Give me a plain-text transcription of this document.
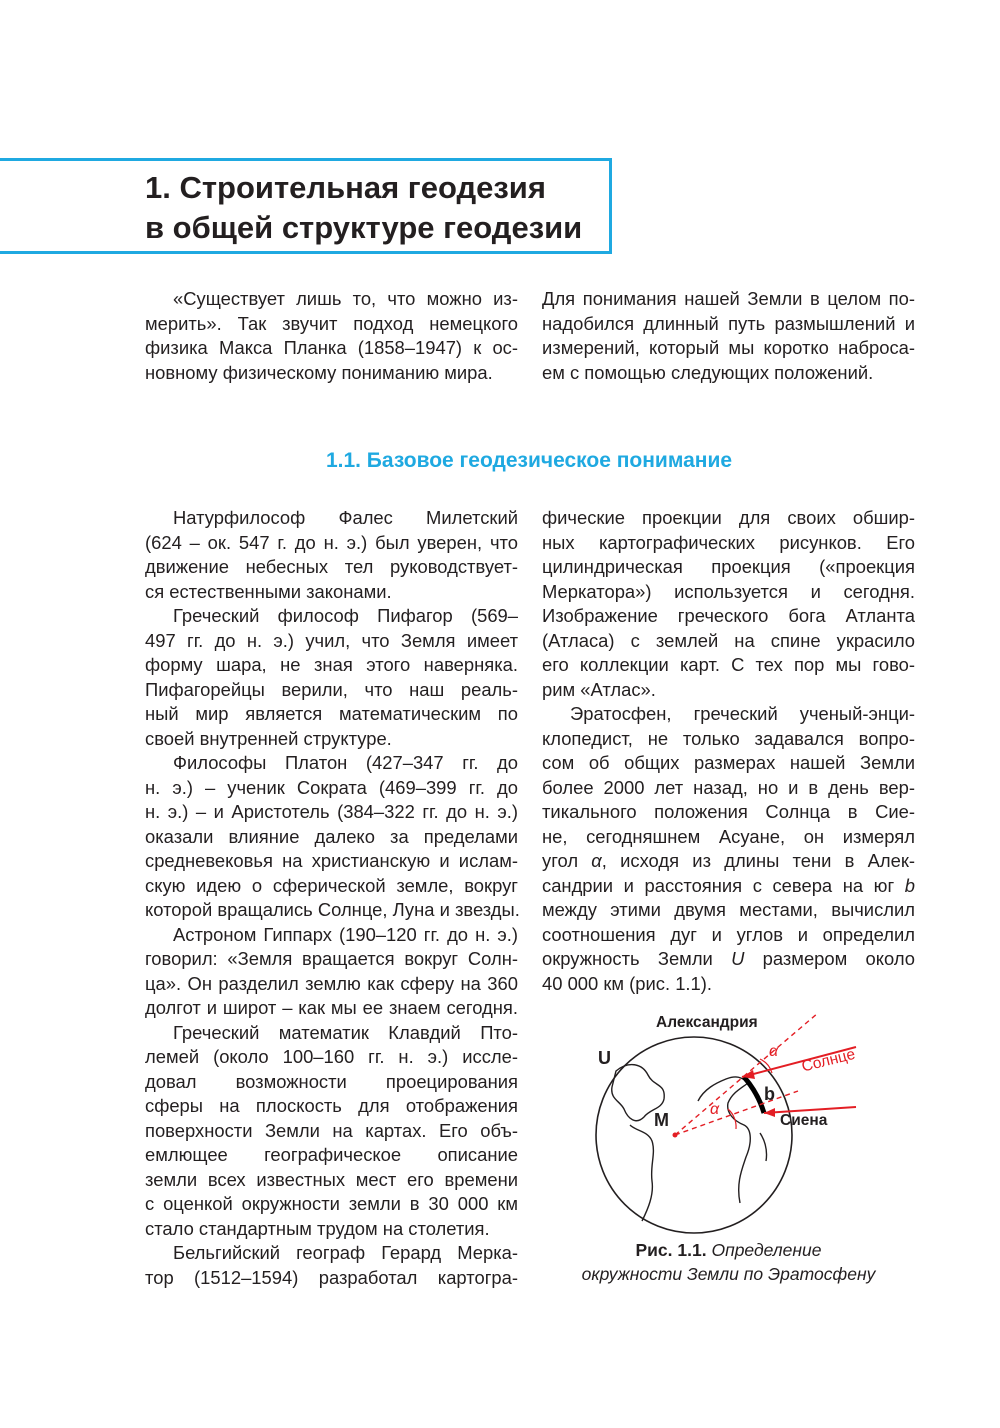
1. Строительная геодезия
в общей структуре геодезии

«Существует лишь то, что можно из-
мерить». Так звучит подход немецкого
физика Макса Планка (1858–1947) к ос-
новному физическому пониманию мира.

Для понимания нашей Земли в целом по-
надобился длинный путь размышлений и
измерений, который мы коротко наброса-
ем с помощью следующих положений.

1.1. Базовое геодезическое понимание

Натурфилософ Фалес Милетский
(624 – ок. 547 г. до н. э.) был уверен, что
движение небесных тел руководствует-
ся естественными законами.

Греческий философ Пифагор (569–
497 гг. до н. э.) учил, что Земля имеет
форму шара, не зная этого наверняка.
Пифагорейцы верили, что наш реаль-
ный мир является математическим по
своей внутренней структуре.

Философы Платон (427–347 гг. до
н. э.) – ученик Сократа (469–399 гг. до
н. э.) – и Аристотель (384–322 гг. до н. э.)
оказали влияние далеко за пределами
средневековья на христианскую и ислам-
скую идею о сферической земле, вокруг
которой вращались Солнце, Луна и звезды.

Астроном Гиппарх (190–120 гг. до н. э.)
говорил: «Земля вращается вокруг Солн-
ца». Он разделил землю как сферу на 360
долгот и широт – как мы ее знаем сегодня.

Греческий математик Клавдий Пто-
лемей (около 100–160 гг. н. э.) иссле-
довал возможности проецирования
сферы на плоскость для отображения
поверхности Земли на картах. Его объ-
емлющее географическое описание
земли всех известных мест его времени
с оценкой окружности земли в 30 000 км
стало стандартным трудом на столетия.

Бельгийский географ Герард Мерка-
тор (1512–1594) разработал картогра-

фические проекции для своих обшир-
ных картографических рисунков. Его
цилиндрическая проекция («проекция
Меркатора») используется и сегодня.
Изображение греческого бога Атланта
(Атласа) с землей на спине украсило
его коллекции карт. С тех пор мы гово-
рим «Атлас».

Эратосфен, греческий ученый-энци-
клопедист, не только задавался вопро-
сом об общих размерах нашей Земли
более 2000 лет назад, но и в день вер-
тикального положения Солнца в Сие-
не, сегодняшнем Асуане, он измерял
угол α, исходя из длины тени в Алек-
сандрии и расстояния с севера на юг b
между этими двумя местами, вычислил
соотношения дуг и углов и определил
окружность Земли U размером около
40 000 км (рис. 1.1).

Александрия
U
M
b
Сиена
Солнце
α
α
Рис. 1.1. Определение
окружности Земли по Эратосфену
